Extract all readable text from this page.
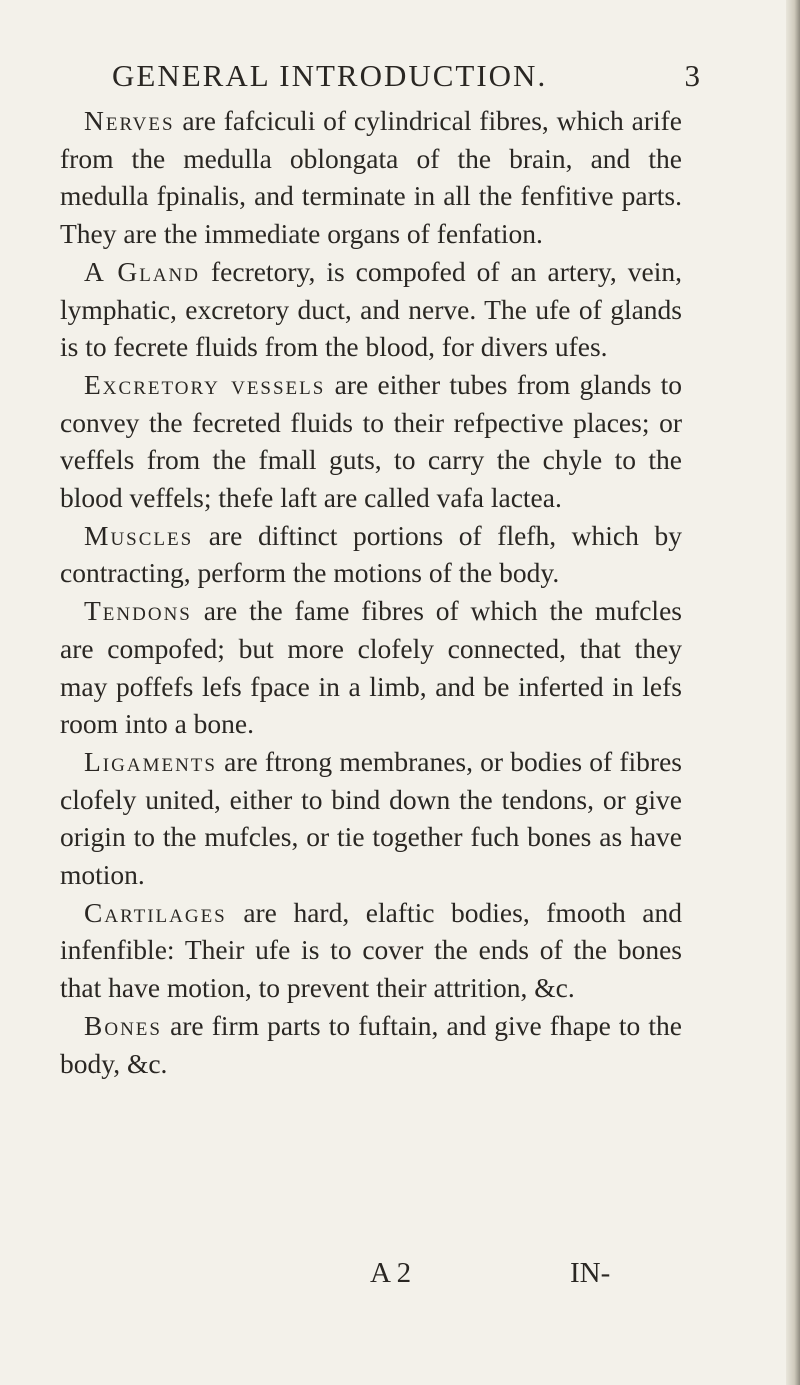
GENERAL INTRODUCTION.	3

Nerves are fafciculi of cylindrical fibres, which arife from the medulla oblongata of the brain, and the medulla fpinalis, and terminate in all the fenfitive parts. They are the immediate organs of fenfation.

A Gland fecretory, is compofed of an artery, vein, lymphatic, excretory duct, and nerve. The ufe of glands is to fecrete fluids from the blood, for divers ufes.

Excretory vessels are either tubes from glands to convey the fecreted fluids to their refpective places; or veffels from the fmall guts, to carry the chyle to the blood veffels; thefe laft are called vafa lactea.

Muscles are diftinct portions of flefh, which by contracting, perform the motions of the body.

Tendons are the fame fibres of which the mufcles are compofed; but more clofely connected, that they may poffefs lefs fpace in a limb, and be inferted in lefs room into a bone.

Ligaments are ftrong membranes, or bodies of fibres clofely united, either to bind down the tendons, or give origin to the mufcles, or tie together fuch bones as have motion.

Cartilages are hard, elaftic bodies, fmooth and infenfible: Their ufe is to cover the ends of the bones that have motion, to prevent their attrition, &c.

Bones are firm parts to fuftain, and give fhape to the body, &c.

A 2	IN-
